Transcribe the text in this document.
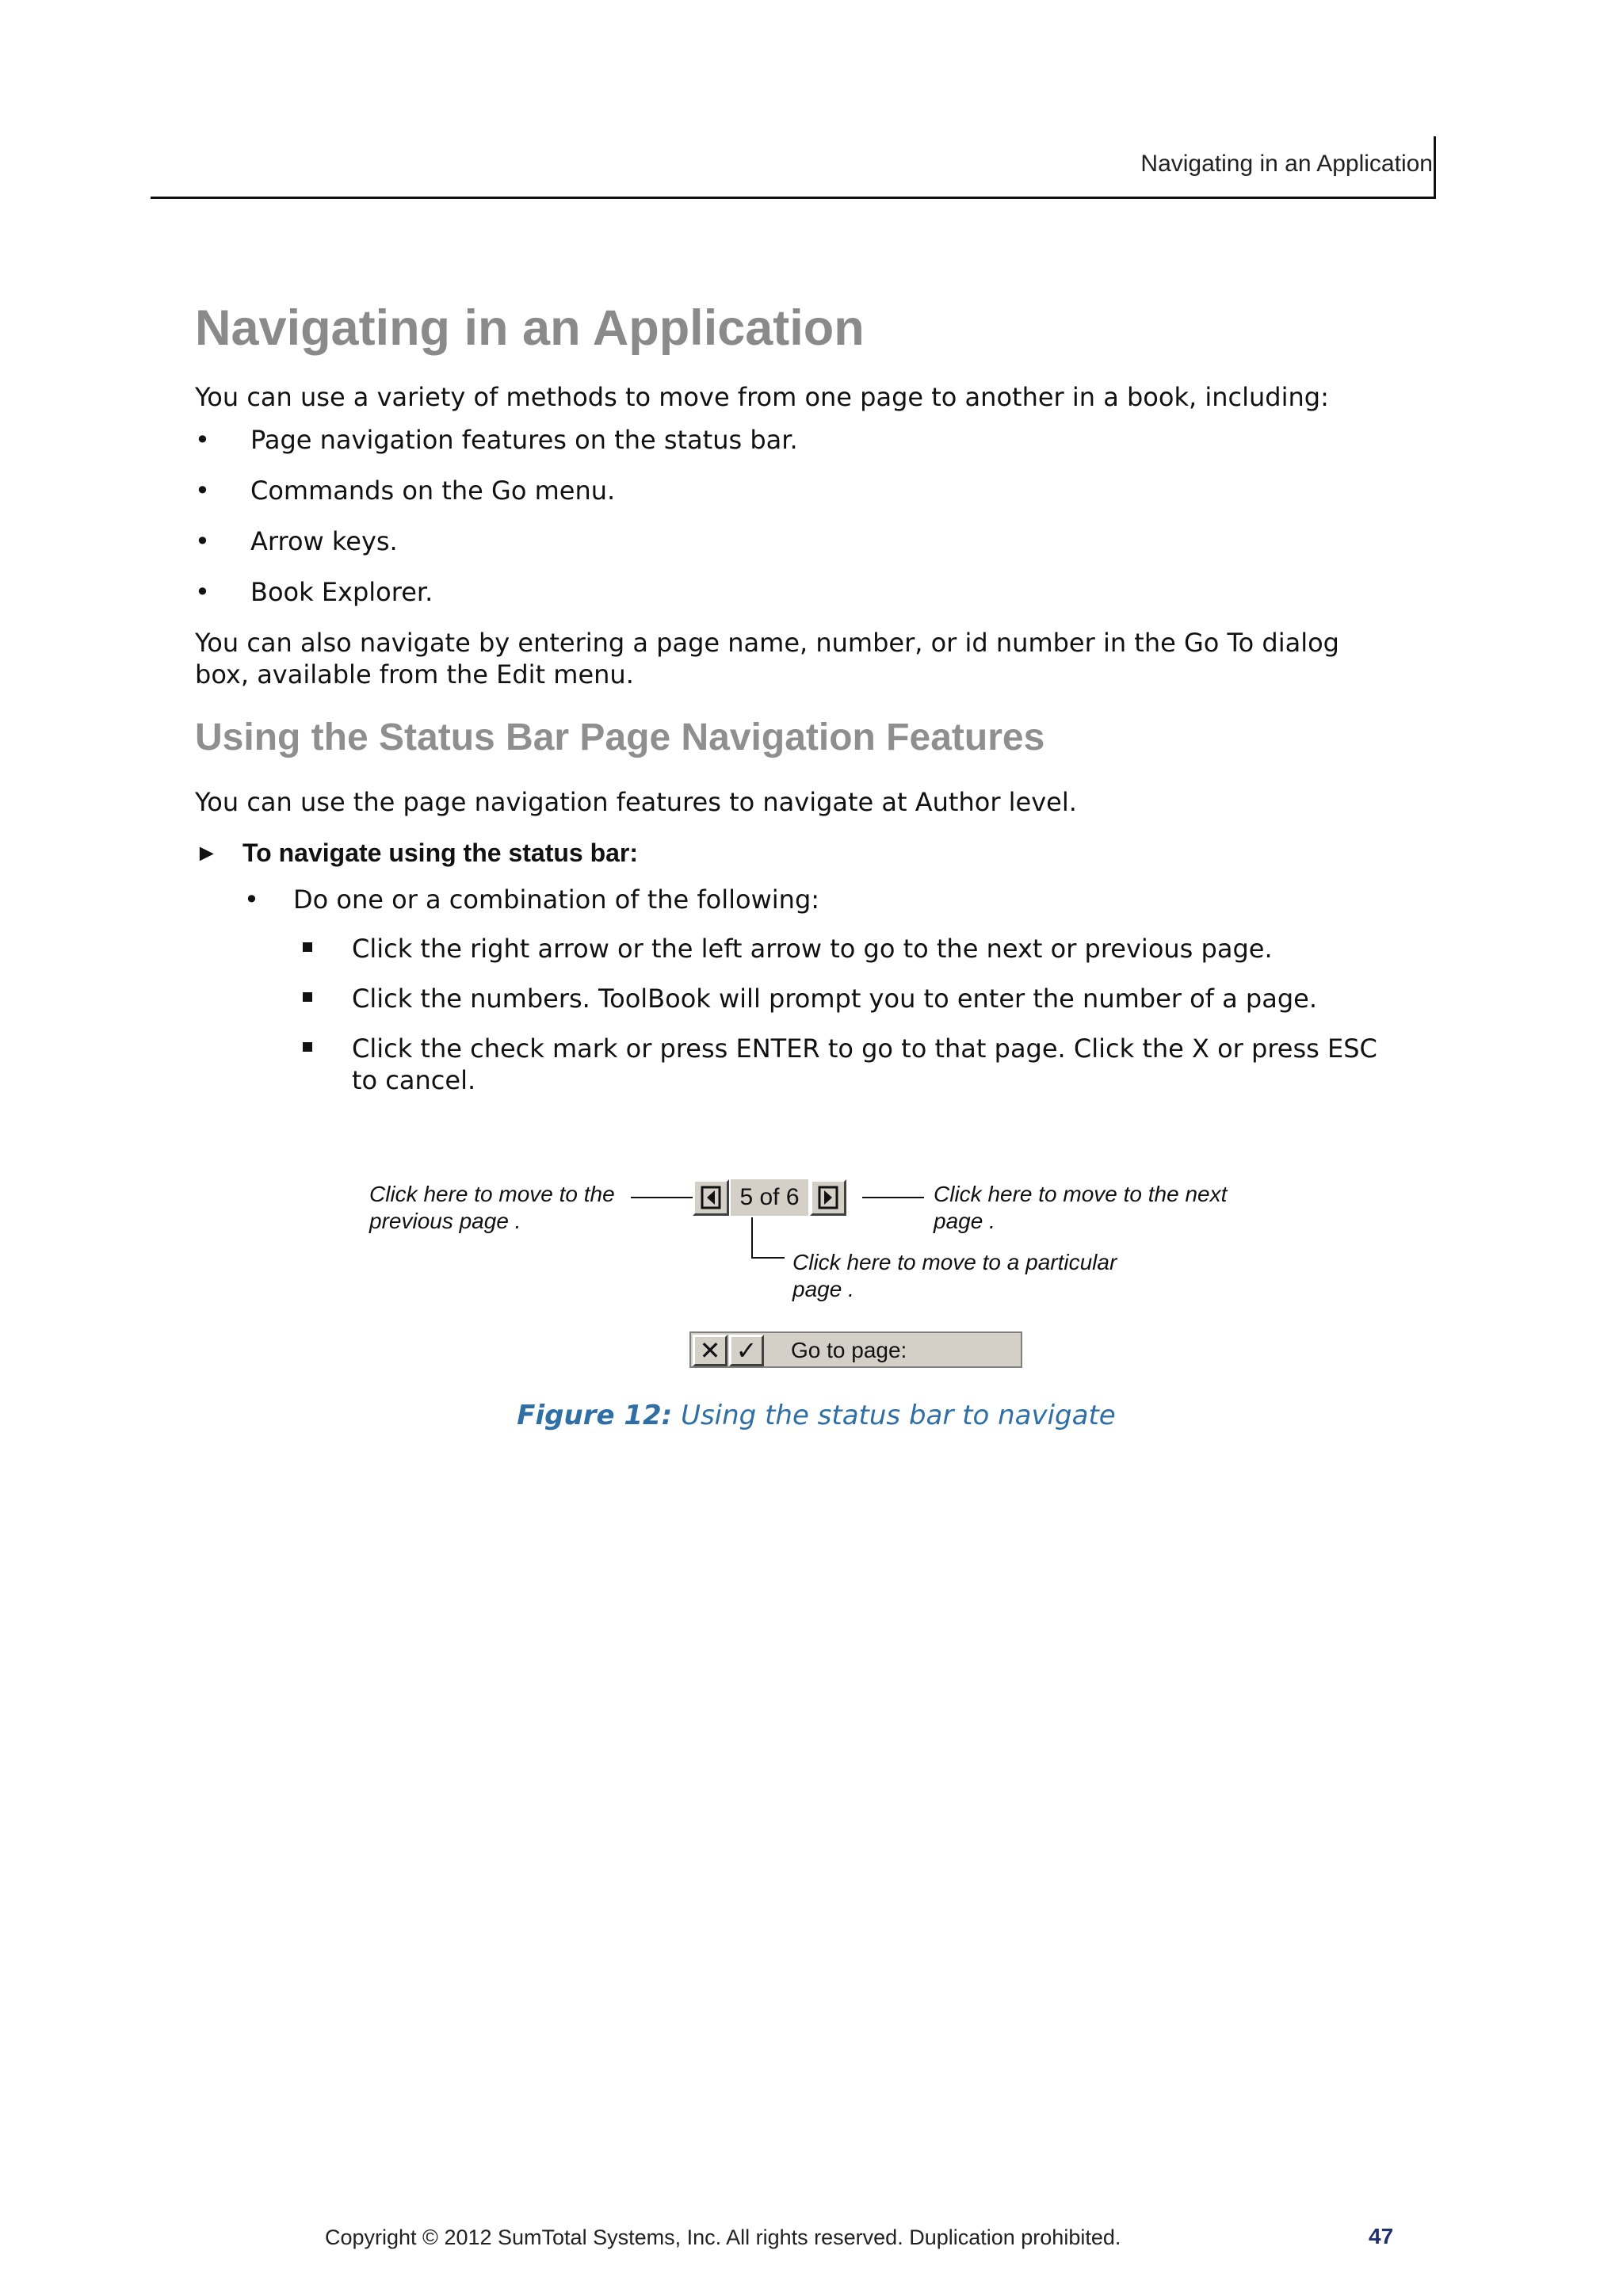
Navigating in an Application
Navigating in an Application

You can use a variety of methods to move from one page to another in a book, including:

• Page navigation features on the status bar.
• Commands on the Go menu.
• Arrow keys.
• Book Explorer.

You can also navigate by entering a page name, number, or id number in the Go To dialog box, available from the Edit menu.

Using the Status Bar Page Navigation Features

You can use the page navigation features to navigate at Author level.

► To navigate using the status bar:
• Do one or a combination of the following:
Click the right arrow or the left arrow to go to the next or previous page.
Click the numbers. ToolBook will prompt you to enter the number of a page.
Click the check mark or press ENTER to go to that page. Click the X or press ESC to cancel.
Click here to move to the
previous page .
5 of 6	Click here to move to the next
page .
Click here to move to a particular
page .
✕ ✓	Go to page:
Figure 12: Using the status bar to navigate
Copyright © 2012 SumTotal Systems, Inc. All rights reserved. Duplication prohibited.	47
